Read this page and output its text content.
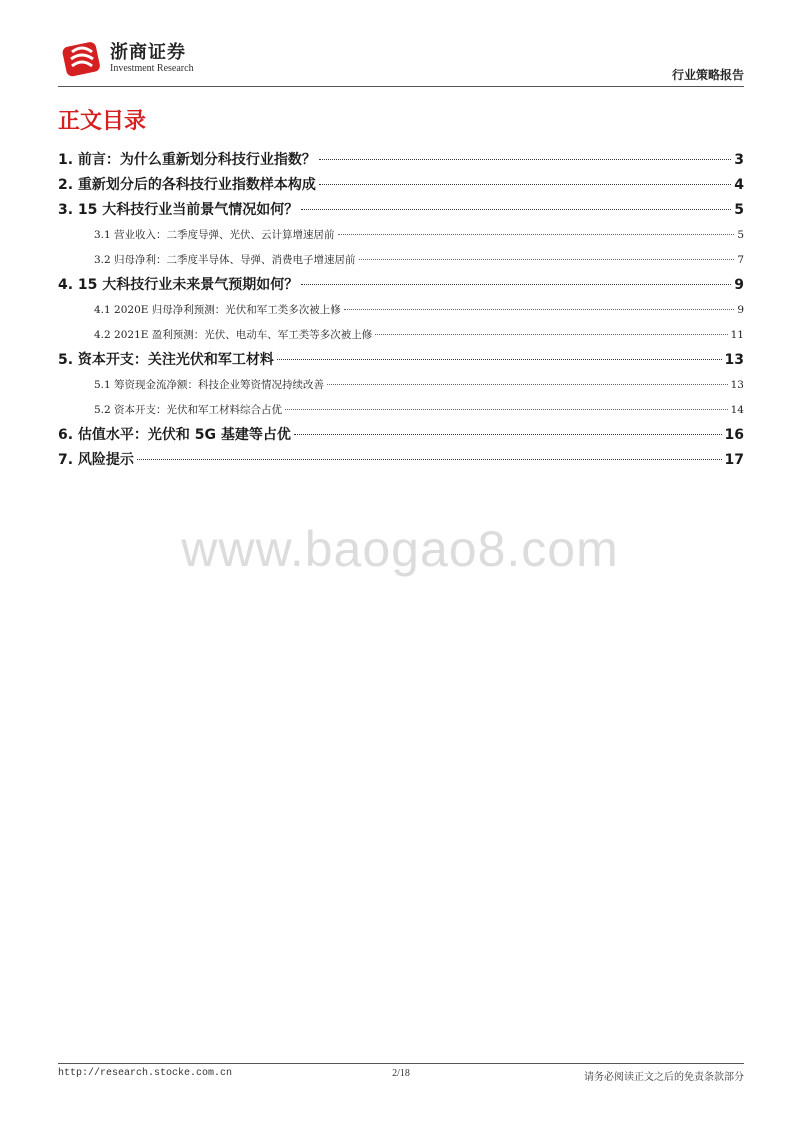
浙商证券
Investment Research	行业策略报告
正文目录
1. 前言：为什么重新划分科技行业指数？	3
2. 重新划分后的各科技行业指数样本构成	4
3. 15 大科技行业当前景气情况如何？	5
3.1 营业收入：二季度导弹、光伏、云计算增速居前	5
3.2 归母净利：二季度半导体、导弹、消费电子增速居前	7
4. 15 大科技行业未来景气预期如何？	9
4.1 2020E 归母净利预测：光伏和军工类多次被上修	9
4.2 2021E 盈利预测：光伏、电动车、军工类等多次被上修	11
5. 资本开支：关注光伏和军工材料	13
5.1 筹资现金流净额：科技企业筹资情况持续改善	13
5.2 资本开支：光伏和军工材料综合占优	14
6. 估值水平：光伏和 5G 基建等占优	16
7. 风险提示	17
www.baogao8.com
http://research.stocke.com.cn	2/18	请务必阅读正文之后的免责条款部分
